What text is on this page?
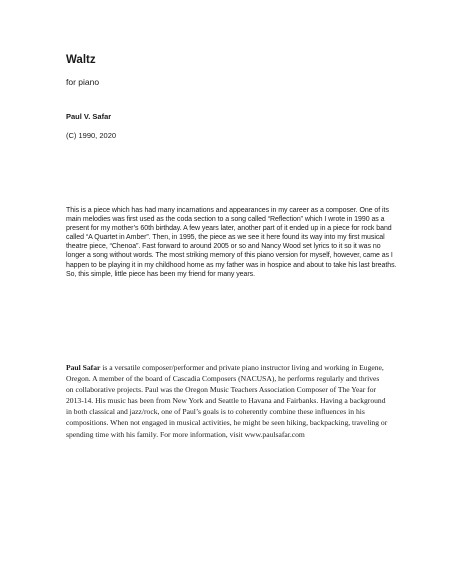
Waltz

for piano

Paul V. Safar

(C) 1990, 2020

This is a piece which has had many incarnations and appearances in my career as a composer. One of its main melodies was first used as the coda section to a song called “Reflection” which I wrote in 1990 as a present for my mother’s 60th birthday. A few years later, another part of it ended up in a piece for rock band called “A Quartet in Amber”. Then, in 1995, the piece as we see it here found its way into my first musical theatre piece, “Chenoa”. Fast forward to around 2005 or so and Nancy Wood set lyrics to it so it was no longer a song without words. The most striking memory of this piano version for myself, however, came as I happen to be playing it in my childhood home as my father was in hospice and about to take his last breaths. So, this simple, little piece has been my friend for many years.

Paul Safar is a versatile composer/performer and private piano instructor living and working in Eugene, Oregon. A member of the board of Cascadia Composers (NACUSA), he performs regularly and thrives on collaborative projects. Paul was the Oregon Music Teachers Association Composer of The Year for 2013-14. His music has been from New York and Seattle to Havana and Fairbanks. Having a background in both classical and jazz/rock, one of Paul’s goals is to coherently combine these influences in his compositions. When not engaged in musical activities, he might be seen hiking, backpacking, traveling or spending time with his family. For more information, visit www.paulsafar.com
